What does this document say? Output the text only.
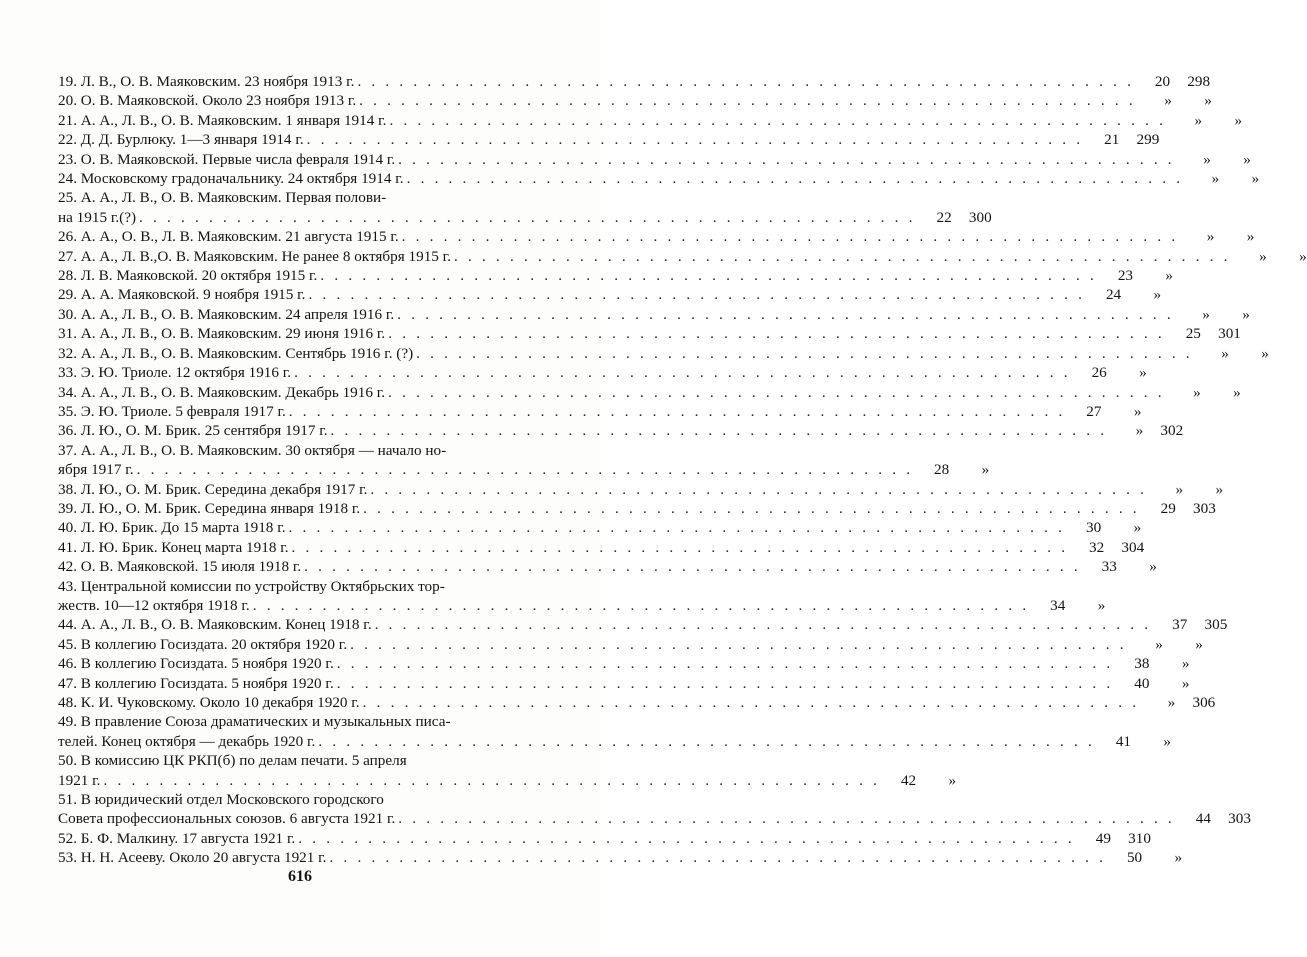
19. Л. В., О. В. Маяковским. 23 ноября 1913 г. . . . . . . . . . . . . . . . . . . . . . . . . . . . . . . . . . . . . . . . . . . . . . . . . . . . . . . . .	20	298
20. О. В. Маяковской. Около 23 ноября 1913 г. . . . . . . . . . . . . . . . . . . . . . . . . . . . . . . . . . . . . . . . . . . . . . . . . . . . . . . . .	»	»
21. А. А., Л. В., О. В. Маяковским. 1 января 1914 г. . . . . . . . . . . . . . . . . . . . . . . . . . . . . . . . . . . . . . . . . . . . . . . . . . . . . . . . .	»	»
22. Д. Д. Бурлюку. 1—3 января 1914 г. . . . . . . . . . . . . . . . . . . . . . . . . . . . . . . . . . . . . . . . . . . . . . . . . . . . . . . . .	21	299
23. О. В. Маяковской. Первые числа февраля 1914 г. . . . . . . . . . . . . . . . . . . . . . . . . . . . . . . . . . . . . . . . . . . . . . . . . . . . . . . . .	»	»
24. Московскому градоначальнику. 24 октября 1914 г. . . . . . . . . . . . . . . . . . . . . . . . . . . . . . . . . . . . . . . . . . . . . . . . . . . . . . . . .	»	»
25. А. А., Л. В., О. В. Маяковским. Первая полови-
на 1915 г.(?) . . . . . . . . . . . . . . . . . . . . . . . . . . . . . . . . . . . . . . . . . . . . . . . . . . . . . . . .	22	300
26. А. А., О. В., Л. В. Маяковским. 21 августа 1915 г. . . . . . . . . . . . . . . . . . . . . . . . . . . . . . . . . . . . . . . . . . . . . . . . . . . . . . . . .	»	»
27. А. А., Л. В.,О. В. Маяковским. Не ранее 8 октября 1915 г. . . . . . . . . . . . . . . . . . . . . . . . . . . . . . . . . . . . . . . . . . . . . . . . . . . . . . . . .	»	»
28. Л. В. Маяковской. 20 октября 1915 г. . . . . . . . . . . . . . . . . . . . . . . . . . . . . . . . . . . . . . . . . . . . . . . . . . . . . . . . .	23	»
29. А. А. Маяковской. 9 ноября 1915 г. . . . . . . . . . . . . . . . . . . . . . . . . . . . . . . . . . . . . . . . . . . . . . . . . . . . . . . . .	24	»
30. А. А., Л. В., О. В. Маяковским. 24 апреля 1916 г. . . . . . . . . . . . . . . . . . . . . . . . . . . . . . . . . . . . . . . . . . . . . . . . . . . . . . . . .	»	»
31. А. А., Л. В., О. В. Маяковским. 29 июня 1916 г. . . . . . . . . . . . . . . . . . . . . . . . . . . . . . . . . . . . . . . . . . . . . . . . . . . . . . . . .	25	301
32. А. А., Л. В., О. В. Маяковским. Сентябрь 1916 г. (?) . . . . . . . . . . . . . . . . . . . . . . . . . . . . . . . . . . . . . . . . . . . . . . . . . . . . . . . .	»	»
33. Э. Ю. Триоле. 12 октября 1916 г. . . . . . . . . . . . . . . . . . . . . . . . . . . . . . . . . . . . . . . . . . . . . . . . . . . . . . . . .	26	»
34. А. А., Л. В., О. В. Маяковским. Декабрь 1916 г. . . . . . . . . . . . . . . . . . . . . . . . . . . . . . . . . . . . . . . . . . . . . . . . . . . . . . . . .	»	»
35. Э. Ю. Триоле. 5 февраля 1917 г. . . . . . . . . . . . . . . . . . . . . . . . . . . . . . . . . . . . . . . . . . . . . . . . . . . . . . . . .	27	»
36. Л. Ю., О. М. Брик. 25 сентября 1917 г. . . . . . . . . . . . . . . . . . . . . . . . . . . . . . . . . . . . . . . . . . . . . . . . . . . . . . . . .	»	302
37. А. А., Л. В., О. В. Маяковским. 30 октября — начало но-
ября 1917 г. . . . . . . . . . . . . . . . . . . . . . . . . . . . . . . . . . . . . . . . . . . . . . . . . . . . . . . . .	28	»
38. Л. Ю., О. М. Брик. Середина декабря 1917 г. . . . . . . . . . . . . . . . . . . . . . . . . . . . . . . . . . . . . . . . . . . . . . . . . . . . . . . . .	»	»
39. Л. Ю., О. М. Брик. Середина января 1918 г. . . . . . . . . . . . . . . . . . . . . . . . . . . . . . . . . . . . . . . . . . . . . . . . . . . . . . . . .	29	303
40. Л. Ю. Брик. До 15 марта 1918 г. . . . . . . . . . . . . . . . . . . . . . . . . . . . . . . . . . . . . . . . . . . . . . . . . . . . . . . . .	30	»
41. Л. Ю. Брик. Конец марта 1918 г. . . . . . . . . . . . . . . . . . . . . . . . . . . . . . . . . . . . . . . . . . . . . . . . . . . . . . . . .	32	304
42. О. В. Маяковской. 15 июля 1918 г. . . . . . . . . . . . . . . . . . . . . . . . . . . . . . . . . . . . . . . . . . . . . . . . . . . . . . . . .	33	»
43. Центральной комиссии по устройству Октябрьских тор-
жеств. 10—12 октября 1918 г. . . . . . . . . . . . . . . . . . . . . . . . . . . . . . . . . . . . . . . . . . . . . . . . . . . . . . . . .	34	»
44. А. А., Л. В., О. В. Маяковским. Конец 1918 г. . . . . . . . . . . . . . . . . . . . . . . . . . . . . . . . . . . . . . . . . . . . . . . . . . . . . . . . .	37	305
45. В коллегию Госиздата. 20 октября 1920 г. . . . . . . . . . . . . . . . . . . . . . . . . . . . . . . . . . . . . . . . . . . . . . . . . . . . . . . . .	»	»
46. В коллегию Госиздата. 5 ноября 1920 г. . . . . . . . . . . . . . . . . . . . . . . . . . . . . . . . . . . . . . . . . . . . . . . . . . . . . . . . .	38	»
47. В коллегию Госиздата. 5 ноября 1920 г. . . . . . . . . . . . . . . . . . . . . . . . . . . . . . . . . . . . . . . . . . . . . . . . . . . . . . . . .	40	»
48. К. И. Чуковскому. Около 10 декабря 1920 г. . . . . . . . . . . . . . . . . . . . . . . . . . . . . . . . . . . . . . . . . . . . . . . . . . . . . . . . .	»	306
49. В правление Союза драматических и музыкальных писа-
телей. Конец октября — декабрь 1920 г. . . . . . . . . . . . . . . . . . . . . . . . . . . . . . . . . . . . . . . . . . . . . . . . . . . . . . . . .	41	»
50. В комиссию ЦК РКП(б) по делам печати. 5 апреля
1921 г. . . . . . . . . . . . . . . . . . . . . . . . . . . . . . . . . . . . . . . . . . . . . . . . . . . . . . . . .	42	»
51. В юридический отдел Московского городского
Совета профессиональных союзов. 6 августа 1921 г. . . . . . . . . . . . . . . . . . . . . . . . . . . . . . . . . . . . . . . . . . . . . . . . . . . . . . . . .	44	303
52. Б. Ф. Малкину. 17 августа 1921 г. . . . . . . . . . . . . . . . . . . . . . . . . . . . . . . . . . . . . . . . . . . . . . . . . . . . . . . . .	49	310
53. Н. Н. Асееву. Около 20 августа 1921 г. . . . . . . . . . . . . . . . . . . . . . . . . . . . . . . . . . . . . . . . . . . . . . . . . . . . . . . . .	50	»
616
